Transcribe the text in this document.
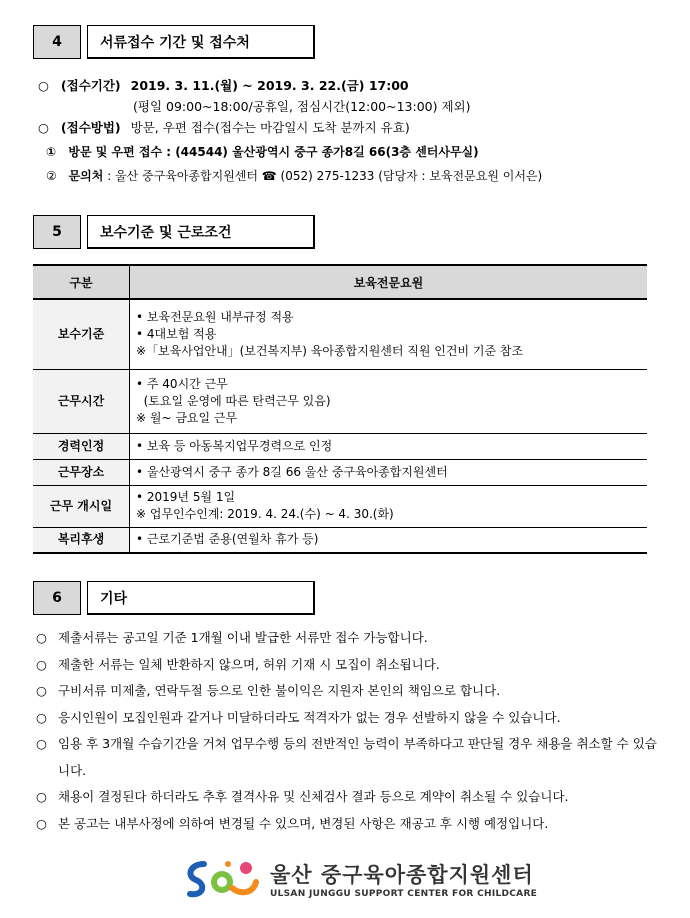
4	서류접수 기간 및 접수처
○ (접수기간) 2019. 3. 11.(월) ~ 2019. 3. 22.(금) 17:00
(평일 09:00~18:00/공휴일, 점심시간(12:00~13:00) 제외)
○ (접수방법) 방문, 우편 접수(접수는 마감일시 도착 분까지 유효)
① 방문 및 우편 접수 : (44544) 울산광역시 중구 종가8길 66(3층 센터사무실)
② 문의처 : 울산 중구육아종합지원센터 ☎ (052) 275-1233 (담당자 : 보육전문요원 이서은)
5	보수기준 및 근로조건
구분	보육전문요원
보수기준	• 보육전문요원 내부규정 적용
• 4대보험 적용
※「보육사업안내」(보건복지부) 육아종합지원센터 직원 인건비 기준 참조

근무시간	• 주 40시간 근무
(토요일 운영에 따른 탄력근무 있음)
※ 월~ 금요일 근무

경력인정	• 보육 등 아동복지업무경력으로 인정

근무장소	• 울산광역시 중구 종가 8길 66 울산 중구육아종합지원센터

근무 개시일	• 2019년 5월 1일
※ 업무인수인계: 2019. 4. 24.(수) ~ 4. 30.(화)

복리후생	• 근로기준법 준용(연월차 휴가 등)
6	기타
○ 제출서류는 공고일 기준 1개월 이내 발급한 서류만 접수 가능합니다.
○ 제출한 서류는 일체 반환하지 않으며, 허위 기재 시 모집이 취소됩니다.
○ 구비서류 미제출, 연락두절 등으로 인한 불이익은 지원자 본인의 책임으로 합니다.
○ 응시인원이 모집인원과 같거나 미달하더라도 적격자가 없는 경우 선발하지 않을 수 있습니다.
○ 임용 후 3개월 수습기간을 거쳐 업무수행 등의 전반적인 능력이 부족하다고 판단될 경우 채용을 취소할 수 있습니다.
○ 채용이 결정된다 하더라도 추후 결격사유 및 신체검사 결과 등으로 계약이 취소될 수 있습니다.
○ 본 공고는 내부사정에 의하여 변경될 수 있으며, 변경된 사항은 재공고 후 시행 예정입니다.
울산 중구육아종합지원센터
ULSAN JUNGGU SUPPORT CENTER FOR CHILDCARE
